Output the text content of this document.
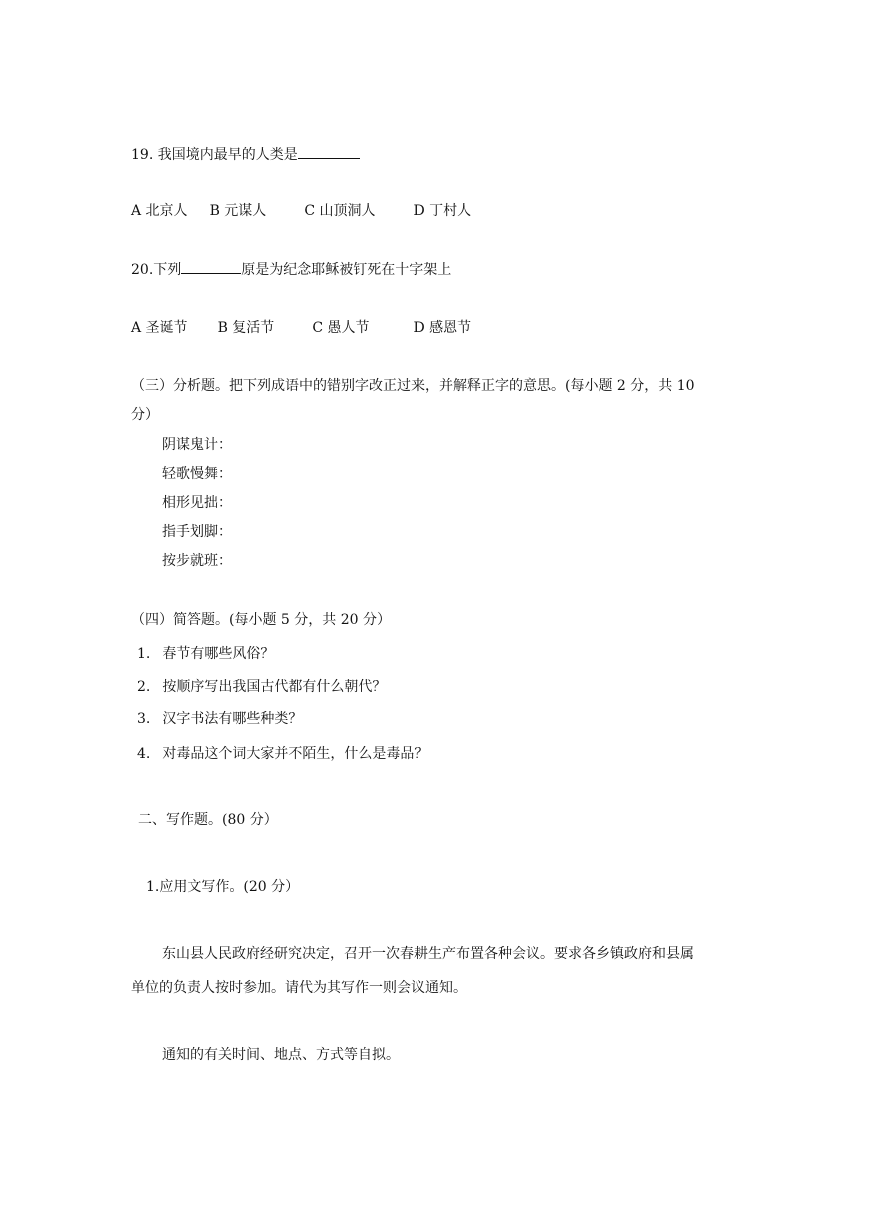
19. 我国境内最早的人类是
A 北京人 B 元谋人	C 山顶洞人	D 丁村人
20.下列	原是为纪念耶稣被钉死在十字架上
A 圣诞节 B 复活节	C 愚人节	D 感恩节
（三）分析题。把下列成语中的错别字改正过来，并解释正字的意思。(每小题 2 分，共 10
分）
阴谋鬼计：
轻歌慢舞：
相形见拙：
指手划脚：
按步就班：
（四）简答题。(每小题 5 分，共 20 分）
1. 春节有哪些风俗？
2. 按顺序写出我国古代都有什么朝代？
3. 汉字书法有哪些种类？
4. 对毒品这个词大家并不陌生，什么是毒品？
二、写作题。(80 分）
1.应用文写作。(20 分）
东山县人民政府经研究决定，召开一次春耕生产布置各种会议。要求各乡镇政府和县属
单位的负责人按时参加。请代为其写作一则会议通知。
通知的有关时间、地点、方式等自拟。
